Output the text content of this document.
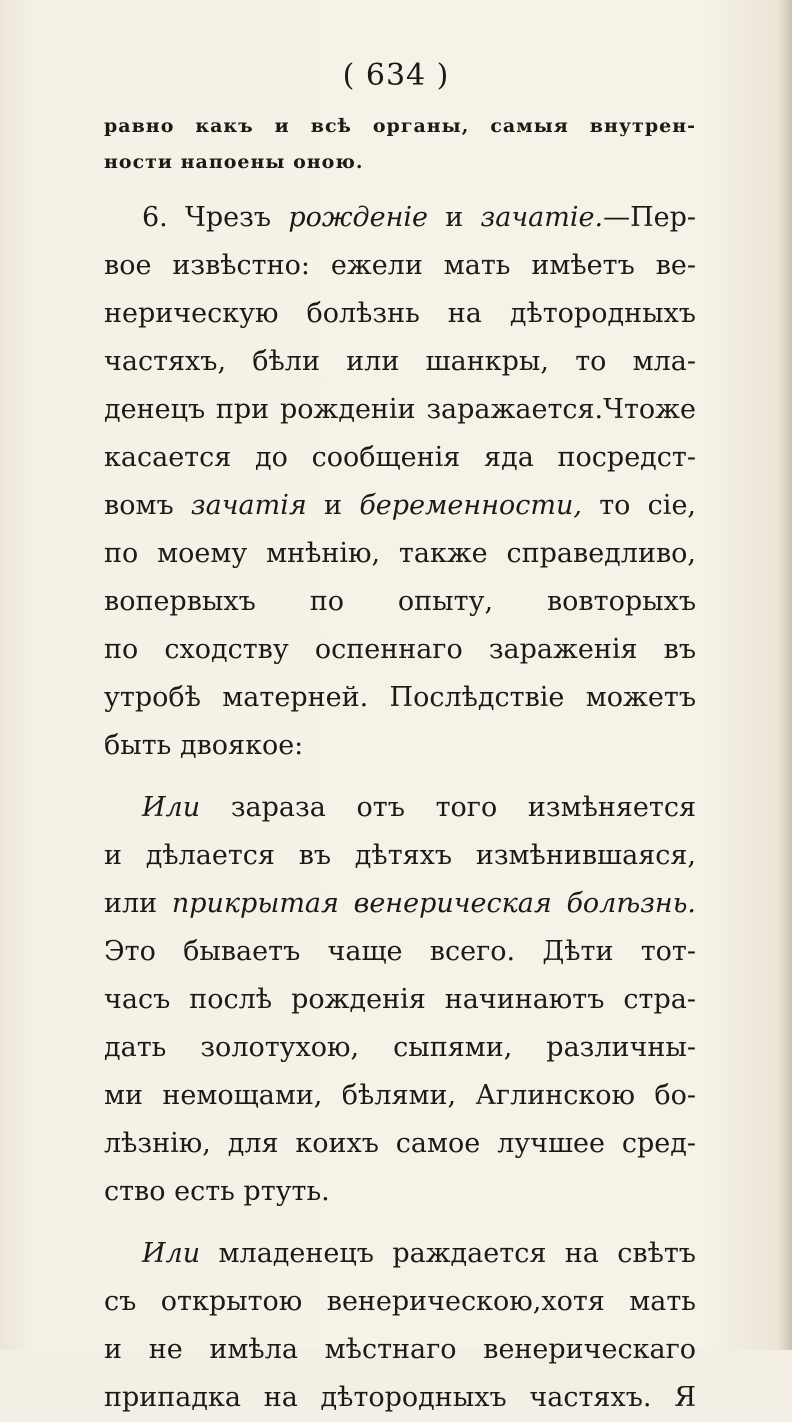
( 634 )
равно какъ и всѣ органы, самыя внутрен-
ности напоены оною.
6. Чрезъ рожденіе и зачатіе.—Пер-
вое извѣстно: ежели мать имѣетъ ве-
нерическую болѣзнь на дѣтородныхъ
частяхъ, бѣли или шанкры, то мла-
денецъ при рожденіи заражается.Чтоже
касается до сообщенія яда посредст-
вомъ зачатія и беременности, то сіе,
по моему мнѣнію, также справедливо,
вопервыхъ по опыту, вовторыхъ
по сходству оспеннаго зараженія въ
утробѣ матерней. Послѣдствіе можетъ
быть двоякое:
Или зараза отъ того измѣняется
и дѣлается въ дѣтяхъ измѣнившаяся,
или прикрытая венерическая болѣзнь.
Это бываетъ чаще всего. Дѣти тот-
часъ послѣ рожденія начинаютъ стра-
дать золотухою, сыпями, различны-
ми немощами, бѣлями, Аглинскою бо-
лѣзнію, для коихъ самое лучшее сред-
ство есть ртуть.
Или младенецъ раждается на свѣтъ
съ открытою венерическою,хотя мать
и не имѣла мѣстнаго венерическаго
припадка на дѣтородныхъ частяхъ. Я
